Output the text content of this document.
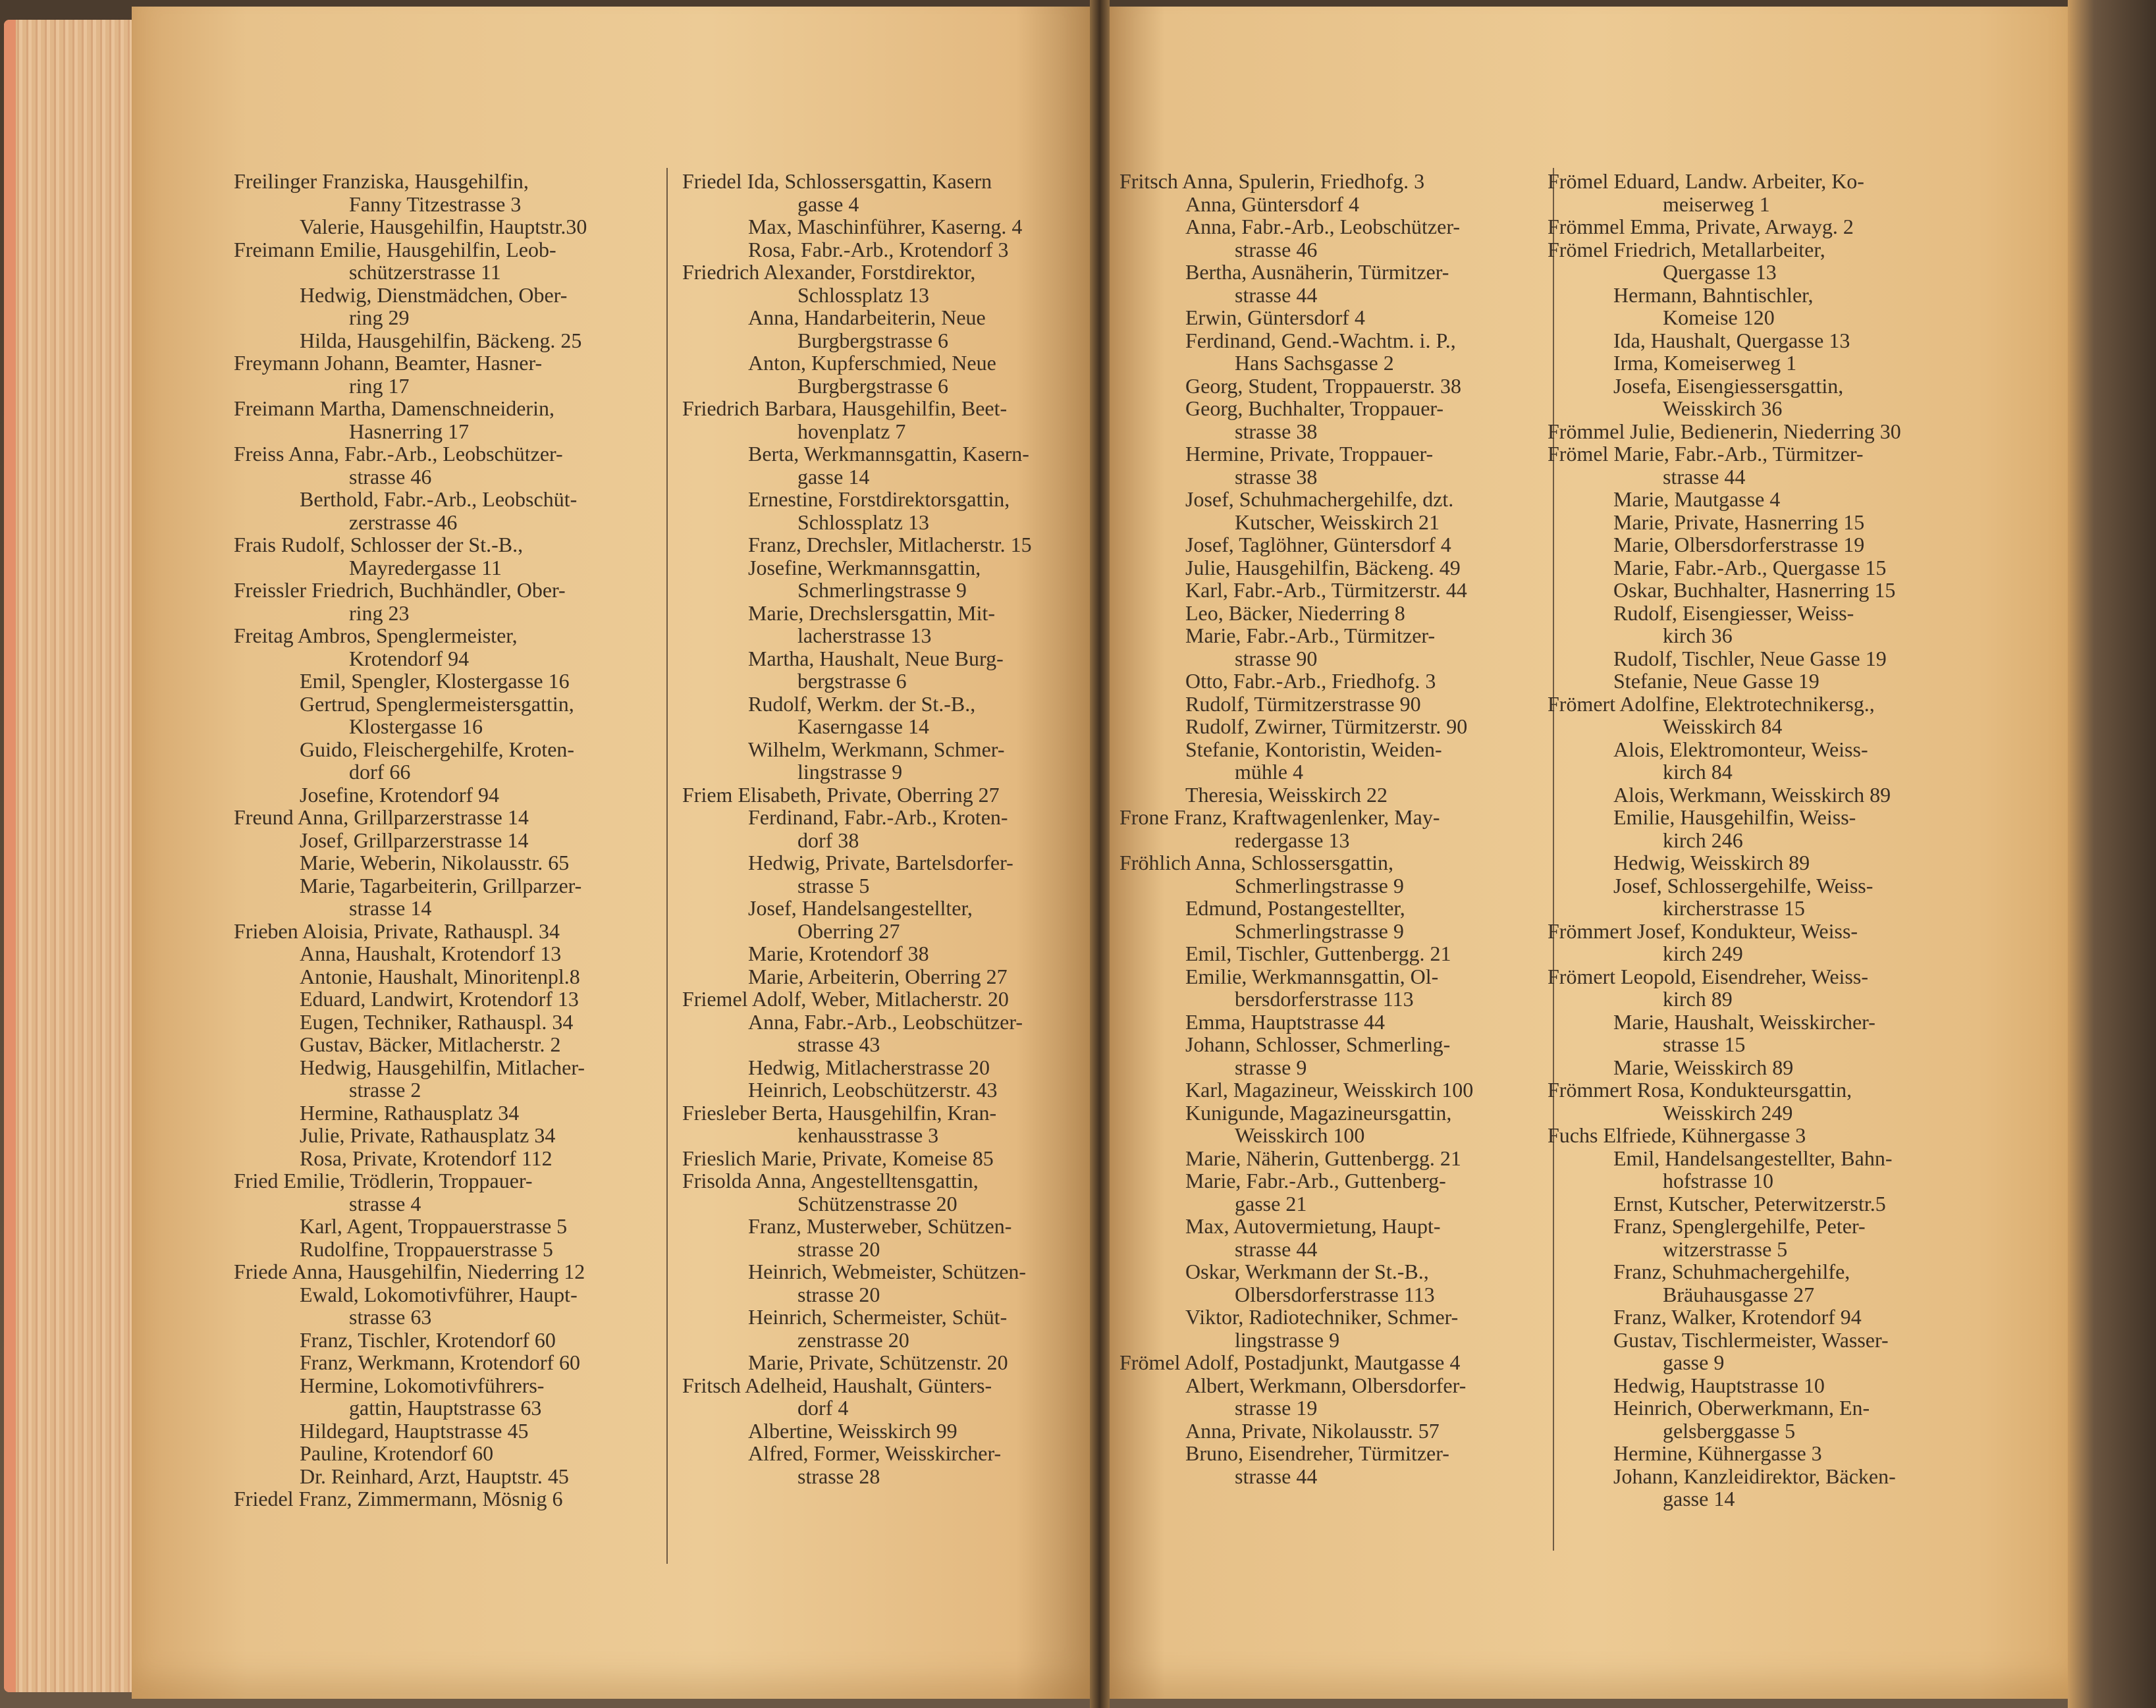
Freilinger Franziska, Hausgehilfin,
Fanny Titzestrasse 3
Valerie, Hausgehilfin, Hauptstr.30
Freimann Emilie, Hausgehilfin, Leob-
schützerstrasse 11
Hedwig, Dienstmädchen, Ober-
ring 29
Hilda, Hausgehilfin, Bäckeng. 25
Freymann Johann, Beamter, Hasner-
ring 17
Freimann Martha, Damenschneiderin,
Hasnerring 17
Freiss Anna, Fabr.-Arb., Leobschützer-
strasse 46
Berthold, Fabr.-Arb., Leobschüt-
zerstrasse 46
Frais Rudolf, Schlosser der St.-B.,
Mayredergasse 11
Freissler Friedrich, Buchhändler, Ober-
ring 23
Freitag Ambros, Spenglermeister,
Krotendorf 94
Emil, Spengler, Klostergasse 16
Gertrud, Spenglermeistersgattin,
Klostergasse 16
Guido, Fleischergehilfe, Kroten-
dorf 66
Josefine, Krotendorf 94
Freund Anna, Grillparzerstrasse 14
Josef, Grillparzerstrasse 14
Marie, Weberin, Nikolausstr. 65
Marie, Tagarbeiterin, Grillparzer-
strasse 14
Frieben Aloisia, Private, Rathauspl. 34
Anna, Haushalt, Krotendorf 13
Antonie, Haushalt, Minoritenpl.8
Eduard, Landwirt, Krotendorf 13
Eugen, Techniker, Rathauspl. 34
Gustav, Bäcker, Mitlacherstr. 2
Hedwig, Hausgehilfin, Mitlacher-
strasse 2
Hermine, Rathausplatz 34
Julie, Private, Rathausplatz 34
Rosa, Private, Krotendorf 112
Fried Emilie, Trödlerin, Troppauer-
strasse 4
Karl, Agent, Troppauerstrasse 5
Rudolfine, Troppauerstrasse 5
Friede Anna, Hausgehilfin, Niederring 12
Ewald, Lokomotivführer, Haupt-
strasse 63
Franz, Tischler, Krotendorf 60
Franz, Werkmann, Krotendorf 60
Hermine, Lokomotivführers-
gattin, Hauptstrasse 63
Hildegard, Hauptstrasse 45
Pauline, Krotendorf 60
Dr. Reinhard, Arzt, Hauptstr. 45
Friedel Franz, Zimmermann, Mösnig 6
Friedel Ida, Schlossersgattin, Kasern
gasse 4
Max, Maschinführer, Kaserng. 4
Rosa, Fabr.-Arb., Krotendorf 3
Friedrich Alexander, Forstdirektor,
Schlossplatz 13
Anna, Handarbeiterin, Neue
Burgbergstrasse 6
Anton, Kupferschmied, Neue
Burgbergstrasse 6
Friedrich Barbara, Hausgehilfin, Beet-
hovenplatz 7
Berta, Werkmannsgattin, Kasern-
gasse 14
Ernestine, Forstdirektorsgattin,
Schlossplatz 13
Franz, Drechsler, Mitlacherstr. 15
Josefine, Werkmannsgattin,
Schmerlingstrasse 9
Marie, Drechslersgattin, Mit-
lacherstrasse 13
Martha, Haushalt, Neue Burg-
bergstrasse 6
Rudolf, Werkm. der St.-B.,
Kaserngasse 14
Wilhelm, Werkmann, Schmer-
lingstrasse 9
Friem Elisabeth, Private, Oberring 27
Ferdinand, Fabr.-Arb., Kroten-
dorf 38
Hedwig, Private, Bartelsdorfer-
strasse 5
Josef, Handelsangestellter,
Oberring 27
Marie, Krotendorf 38
Marie, Arbeiterin, Oberring 27
Friemel Adolf, Weber, Mitlacherstr. 20
Anna, Fabr.-Arb., Leobschützer-
strasse 43
Hedwig, Mitlacherstrasse 20
Heinrich, Leobschützerstr. 43
Friesleber Berta, Hausgehilfin, Kran-
kenhausstrasse 3
Frieslich Marie, Private, Komeise 85
Frisolda Anna, Angestelltensgattin,
Schützenstrasse 20
Franz, Musterweber, Schützen-
strasse 20
Heinrich, Webmeister, Schützen-
strasse 20
Heinrich, Schermeister, Schüt-
zenstrasse 20
Marie, Private, Schützenstr. 20
Fritsch Adelheid, Haushalt, Günters-
dorf 4
Albertine, Weisskirch 99
Alfred, Former, Weisskircher-
strasse 28
Fritsch Anna, Spulerin, Friedhofg. 3
Anna, Güntersdorf 4
Anna, Fabr.-Arb., Leobschützer-
strasse 46
Bertha, Ausnäherin, Türmitzer-
strasse 44
Erwin, Güntersdorf 4
Ferdinand, Gend.-Wachtm. i. P.,
Hans Sachsgasse 2
Georg, Student, Troppauerstr. 38
Georg, Buchhalter, Troppauer-
strasse 38
Hermine, Private, Troppauer-
strasse 38
Josef, Schuhmachergehilfe, dzt.
Kutscher, Weisskirch 21
Josef, Taglöhner, Güntersdorf 4
Julie, Hausgehilfin, Bäckeng. 49
Karl, Fabr.-Arb., Türmitzerstr. 44
Leo, Bäcker, Niederring 8
Marie, Fabr.-Arb., Türmitzer-
strasse 90
Otto, Fabr.-Arb., Friedhofg. 3
Rudolf, Türmitzerstrasse 90
Rudolf, Zwirner, Türmitzerstr. 90
Stefanie, Kontoristin, Weiden-
mühle 4
Theresia, Weisskirch 22
Frone Franz, Kraftwagenlenker, May-
redergasse 13
Fröhlich Anna, Schlossersgattin,
Schmerlingstrasse 9
Edmund, Postangestellter,
Schmerlingstrasse 9
Emil, Tischler, Guttenbergg. 21
Emilie, Werkmannsgattin, Ol-
bersdorferstrasse 113
Emma, Hauptstrasse 44
Johann, Schlosser, Schmerling-
strasse 9
Karl, Magazineur, Weisskirch 100
Kunigunde, Magazineursgattin,
Weisskirch 100
Marie, Näherin, Guttenbergg. 21
Marie, Fabr.-Arb., Guttenberg-
gasse 21
Max, Autovermietung, Haupt-
strasse 44
Oskar, Werkmann der St.-B.,
Olbersdorferstrasse 113
Viktor, Radiotechniker, Schmer-
lingstrasse 9
Frömel Adolf, Postadjunkt, Mautgasse 4
Albert, Werkmann, Olbersdorfer-
strasse 19
Anna, Private, Nikolausstr. 57
Bruno, Eisendreher, Türmitzer-
strasse 44
Frömel Eduard, Landw. Arbeiter, Ko-
meiserweg 1
Frömmel Emma, Private, Arwayg. 2
Frömel Friedrich, Metallarbeiter,
Quergasse 13
Hermann, Bahntischler,
Komeise 120
Ida, Haushalt, Quergasse 13
Irma, Komeiserweg 1
Josefa, Eisengiessersgattin,
Weisskirch 36
Frömmel Julie, Bedienerin, Niederring 30
Frömel Marie, Fabr.-Arb., Türmitzer-
strasse 44
Marie, Mautgasse 4
Marie, Private, Hasnerring 15
Marie, Olbersdorferstrasse 19
Marie, Fabr.-Arb., Quergasse 15
Oskar, Buchhalter, Hasnerring 15
Rudolf, Eisengiesser, Weiss-
kirch 36
Rudolf, Tischler, Neue Gasse 19
Stefanie, Neue Gasse 19
Frömert Adolfine, Elektrotechnikersg.,
Weisskirch 84
Alois, Elektromonteur, Weiss-
kirch 84
Alois, Werkmann, Weisskirch 89
Emilie, Hausgehilfin, Weiss-
kirch 246
Hedwig, Weisskirch 89
Josef, Schlossergehilfe, Weiss-
kircherstrasse 15
Frömmert Josef, Kondukteur, Weiss-
kirch 249
Frömert Leopold, Eisendreher, Weiss-
kirch 89
Marie, Haushalt, Weisskircher-
strasse 15
Marie, Weisskirch 89
Frömmert Rosa, Kondukteursgattin,
Weisskirch 249
Fuchs Elfriede, Kühnergasse 3
Emil, Handelsangestellter, Bahn-
hofstrasse 10
Ernst, Kutscher, Peterwitzerstr.5
Franz, Spenglergehilfe, Peter-
witzerstrasse 5
Franz, Schuhmachergehilfe,
Bräuhausgasse 27
Franz, Walker, Krotendorf 94
Gustav, Tischlermeister, Wasser-
gasse 9
Hedwig, Hauptstrasse 10
Heinrich, Oberwerkmann, En-
gelsberggasse 5
Hermine, Kühnergasse 3
Johann, Kanzleidirektor, Bäcken-
gasse 14
